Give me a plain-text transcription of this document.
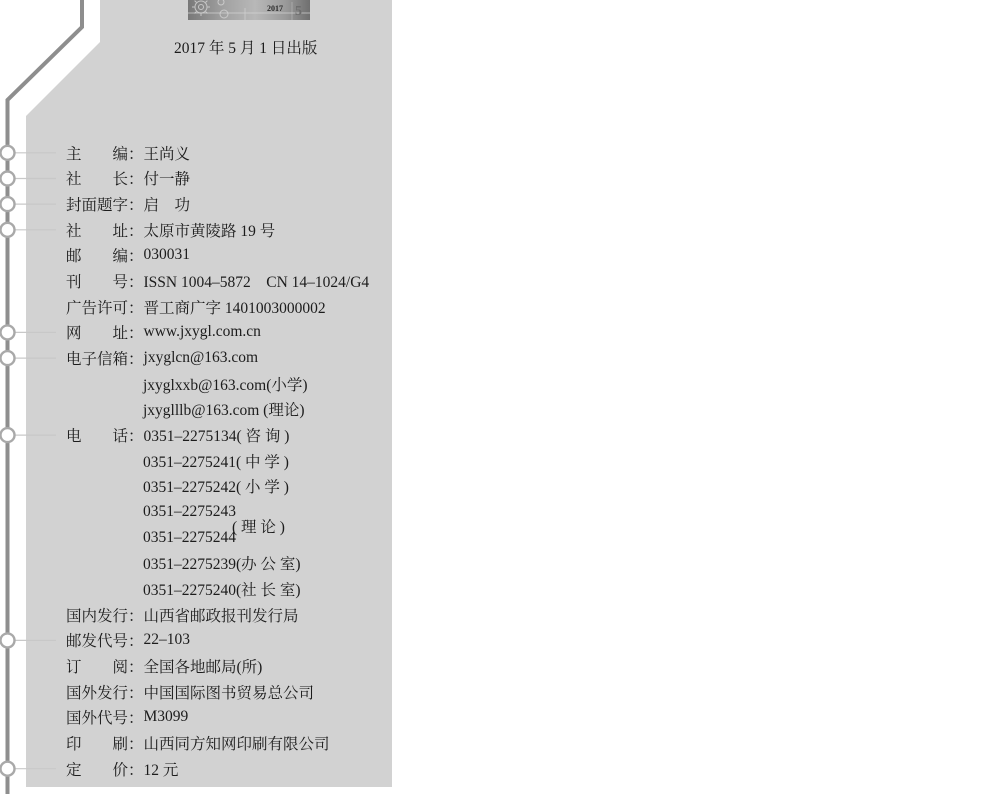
2017 5
2017 年 5 月 1 日出版
主　　编： 王尚义
社　　长： 付一静
封面题字： 启　功
社　　址： 太原市黄陵路 19 号
邮　　编： 030031
刊　　号： ISSN 1004–5872　CN 14–1024/G4
广告许可： 晋工商广字 1401003000002
网　　址： www.jxygl.com.cn
电子信箱： jxyglcn@163.com
jxyglxxb@163.com(小学)
jxyglllb@163.com (理论)
电　　话： 0351–2275134( 咨 询 )
0351–2275241( 中 学 )
0351–2275242( 小 学 )
0351–2275243
0351–2275244
( 理 论 )
0351–2275239(办 公 室)
0351–2275240(社 长 室)
国内发行： 山西省邮政报刊发行局
邮发代号： 22–103
订　　阅： 全国各地邮局(所)
国外发行： 中国国际图书贸易总公司
国外代号： M3099
印　　刷： 山西同方知网印刷有限公司
定　　价： 12 元
